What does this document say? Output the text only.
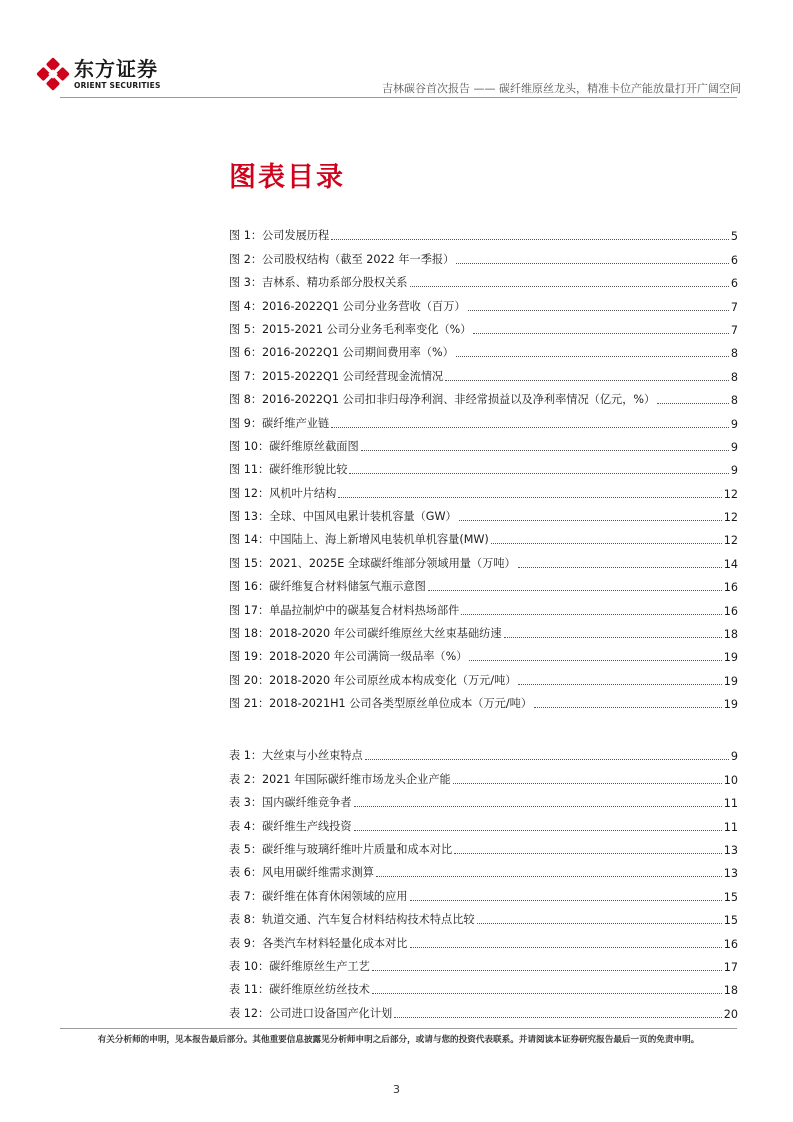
东方证券
ORIENT SECURITIES	吉林碳谷首次报告 —— 碳纤维原丝龙头，精准卡位产能放量打开广阔空间
图表目录
图 1：公司发展历程	5
图 2：公司股权结构（截至 2022 年一季报）	6
图 3：吉林系、精功系部分股权关系	6
图 4：2016-2022Q1 公司分业务营收（百万）	7
图 5：2015-2021 公司分业务毛利率变化（%）	7
图 6：2016-2022Q1 公司期间费用率（%）	8
图 7：2015-2022Q1 公司经营现金流情况	8
图 8：2016-2022Q1 公司扣非归母净利润、非经常损益以及净利率情况（亿元，%）	8
图 9：碳纤维产业链	9
图 10：碳纤维原丝截面图	9
图 11：碳纤维形貌比较	9
图 12：风机叶片结构	12
图 13：全球、中国风电累计装机容量（GW）	12
图 14：中国陆上、海上新增风电装机单机容量(MW)	12
图 15：2021、2025E 全球碳纤维部分领域用量（万吨）	14
图 16：碳纤维复合材料储氢气瓶示意图	16
图 17：单晶拉制炉中的碳基复合材料热场部件	16
图 18：2018-2020 年公司碳纤维原丝大丝束基础纺速	18
图 19：2018-2020 年公司满筒一级品率（%）	19
图 20：2018-2020 年公司原丝成本构成变化（万元/吨）	19
图 21：2018-2021H1 公司各类型原丝单位成本（万元/吨）	19
表 1：大丝束与小丝束特点	9
表 2：2021 年国际碳纤维市场龙头企业产能	10
表 3：国内碳纤维竞争者	11
表 4：碳纤维生产线投资	11
表 5：碳纤维与玻璃纤维叶片质量和成本对比	13
表 6：风电用碳纤维需求测算	13
表 7：碳纤维在体育休闲领域的应用	15
表 8：轨道交通、汽车复合材料结构技术特点比较	15
表 9：各类汽车材料轻量化成本对比	16
表 10：碳纤维原丝生产工艺	17
表 11：碳纤维原丝纺丝技术	18
表 12：公司进口设备国产化计划	20
有关分析师的申明，见本报告最后部分。其他重要信息披露见分析师申明之后部分，或请与您的投资代表联系。并请阅读本证券研究报告最后一页的免责申明。
3
